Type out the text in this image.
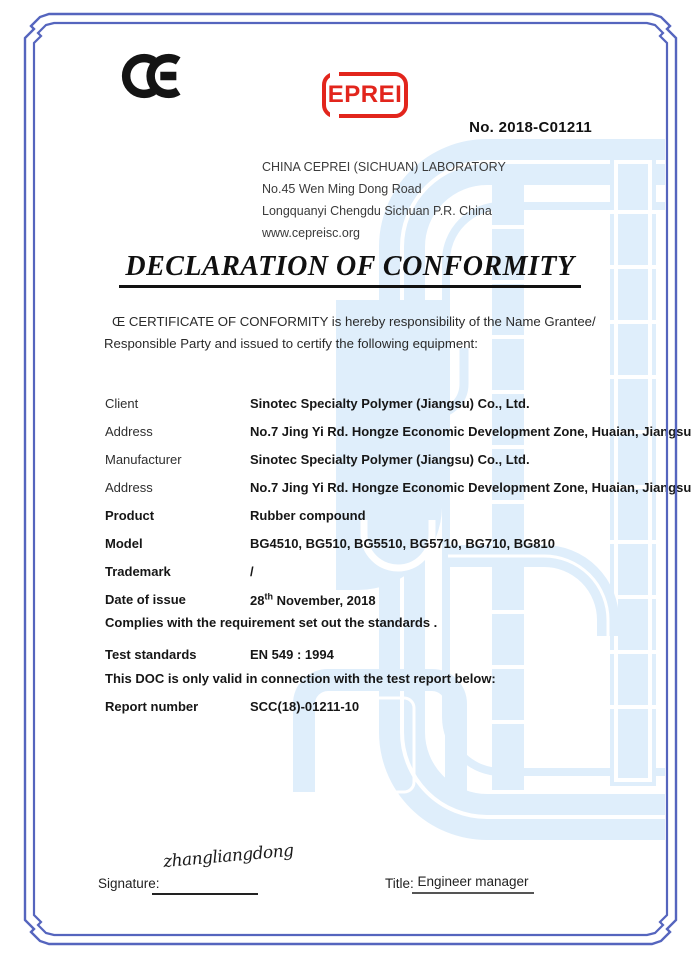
EPREI
No. 2018-C01211
CHINA CEPREI (SICHUAN) LABORATORY
No.45 Wen Ming Dong Road
Longquanyi Chengdu Sichuan P.R. China
www.cepreisc.org
DECLARATION OF CONFORMITY
Œ CERTIFICATE OF CONFORMITY is hereby responsibility of the Name Grantee/
Responsible Party and issued to certify the following equipment:
Client	Sinotec Specialty Polymer (Jiangsu) Co., Ltd.
Address	No.7 Jing Yi Rd. Hongze Economic Development Zone, Huaian, Jiangsu
Manufacturer	Sinotec Specialty Polymer (Jiangsu) Co., Ltd.
Address	No.7 Jing Yi Rd. Hongze Economic Development Zone, Huaian, Jiangsu
Product	Rubber compound
Model	BG4510, BG510, BG5510, BG5710, BG710, BG810
Trademark	/
Date of issue	28th November, 2018
Complies with the requirement set out the standards .
Test standards	EN 549 : 1994
This DOC is only valid in connection with the test report below:
Report number	SCC(18)-01211-10
zhangliangdong
Signature:	Title: Engineer manager
